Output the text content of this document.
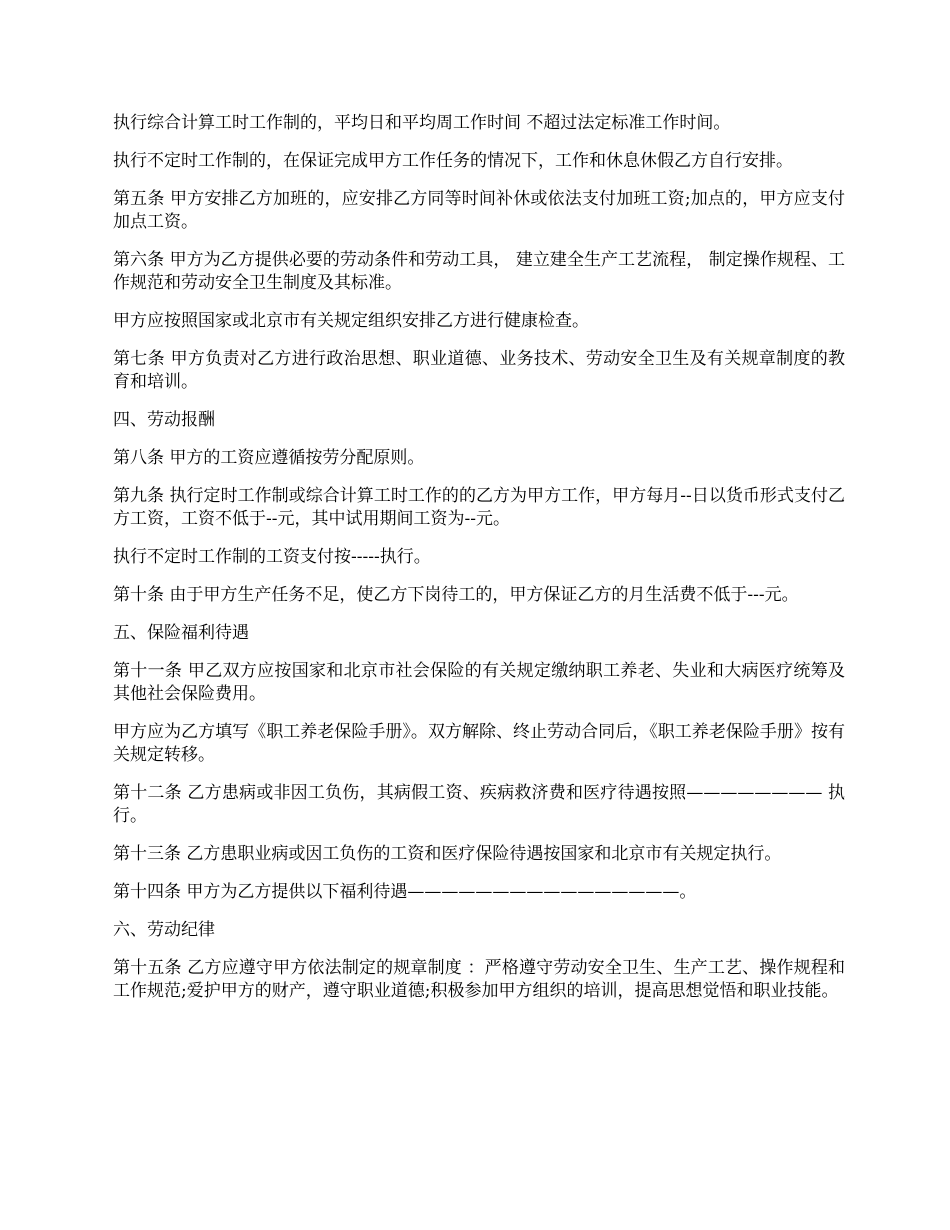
执行综合计算工时工作制的，平均日和平均周工作时间 不超过法定标准工作时间。

执行不定时工作制的，在保证完成甲方工作任务的情况下，工作和休息休假乙方自行安排。

第五条 甲方安排乙方加班的，应安排乙方同等时间补休或依法支付加班工资;加点的，甲方应支付加点工资。

第六条 甲方为乙方提供必要的劳动条件和劳动工具， 建立建全生产工艺流程， 制定操作规程、工作规范和劳动安全卫生制度及其标准。

甲方应按照国家或北京市有关规定组织安排乙方进行健康检查。

第七条 甲方负责对乙方进行政治思想、职业道德、业务技术、劳动安全卫生及有关规章制度的教育和培训。

四、劳动报酬

第八条 甲方的工资应遵循按劳分配原则。

第九条 执行定时工作制或综合计算工时工作的的乙方为甲方工作，甲方每月--日以货币形式支付乙方工资，工资不低于--元，其中试用期间工资为--元。

执行不定时工作制的工资支付按-----执行。

第十条 由于甲方生产任务不足，使乙方下岗待工的，甲方保证乙方的月生活费不低于---元。

五、保险福利待遇

第十一条 甲乙双方应按国家和北京市社会保险的有关规定缴纳职工养老、失业和大病医疗统筹及其他社会保险费用。

甲方应为乙方填写《职工养老保险手册》。双方解除、终止劳动合同后，《职工养老保险手册》按有关规定转移。

第十二条 乙方患病或非因工负伤，其病假工资、疾病救济费和医疗待遇按照———————— 执行。

第十三条 乙方患职业病或因工负伤的工资和医疗保险待遇按国家和北京市有关规定执行。

第十四条 甲方为乙方提供以下福利待遇————————————————。

六、劳动纪律

第十五条 乙方应遵守甲方依法制定的规章制度 ：严格遵守劳动安全卫生、生产工艺、操作规程和工作规范;爱护甲方的财产，遵守职业道德;积极参加甲方组织的培训，提高思想觉悟和职业技能。
